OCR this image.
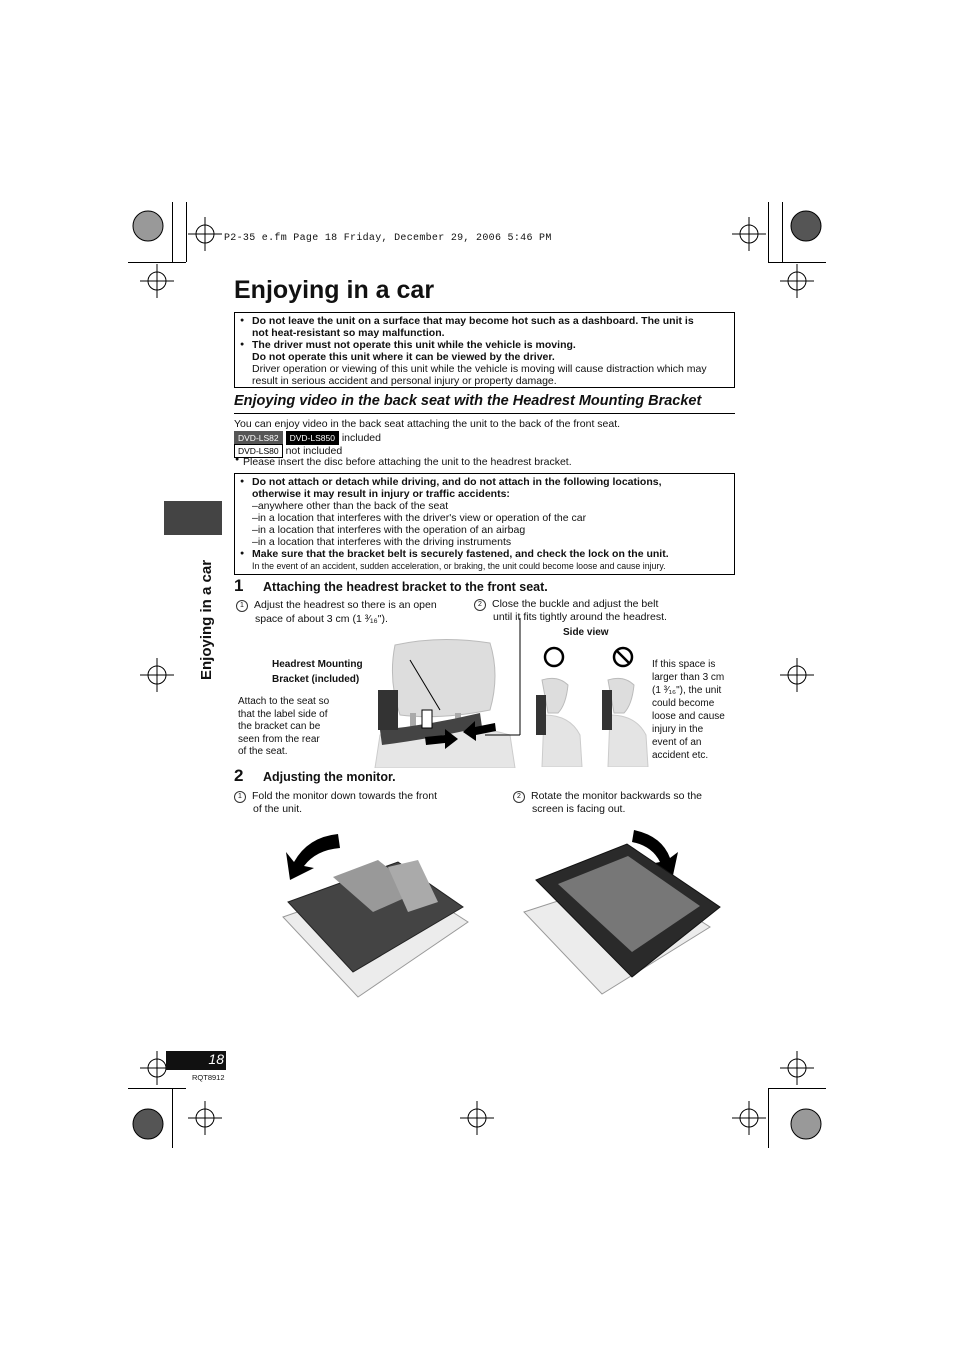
P2-35 e.fm Page 18 Friday, December 29, 2006 5:46 PM
Enjoying in a car
● Do not leave the unit on a surface that may become hot such as a dashboard. The unit is
not heat-resistant so may malfunction.
● The driver must not operate this unit while the vehicle is moving.
Do not operate this unit where it can be viewed by the driver.
Driver operation or viewing of this unit while the vehicle is moving will cause distraction which may
result in serious accident and personal injury or property damage.
Enjoying video in the back seat with the Headrest Mounting Bracket
You can enjoy video in the back seat attaching the unit to the back of the front seat.
DVD-LS82 DVD-LS850 included
DVD-LS80 not included
● Please insert the disc before attaching the unit to the headrest bracket.
● Do not attach or detach while driving, and do not attach in the following locations,
otherwise it may result in injury or traffic accidents:
–anywhere other than the back of the seat
–in a location that interferes with the driver's view or operation of the car
–in a location that interferes with the operation of an airbag
–in a location that interferes with the driving instruments
● Make sure that the bracket belt is securely fastened, and check the lock on the unit.
In the event of an accident, sudden acceleration, or braking, the unit could become loose and cause injury.
Enjoying in a car 1 Attaching the headrest bracket to the front seat.
1 Adjust the headrest so there is an open
space of about 3 cm (1 ³⁄₁₆").
2 Close the buckle and adjust the belt
until it fits tightly around the headrest.
Side view
Headrest Mounting
Bracket (included)
Attach to the seat so
that the label side of
the bracket can be
seen from the rear
of the seat.
If this space is
larger than 3 cm
(1 ³⁄₁₆"), the unit
could become
loose and cause
injury in the
event of an
accident etc.
2 Adjusting the monitor.
1 Fold the monitor down towards the front
of the unit.
2 Rotate the monitor backwards so the
screen is facing out.
18
RQT8912
